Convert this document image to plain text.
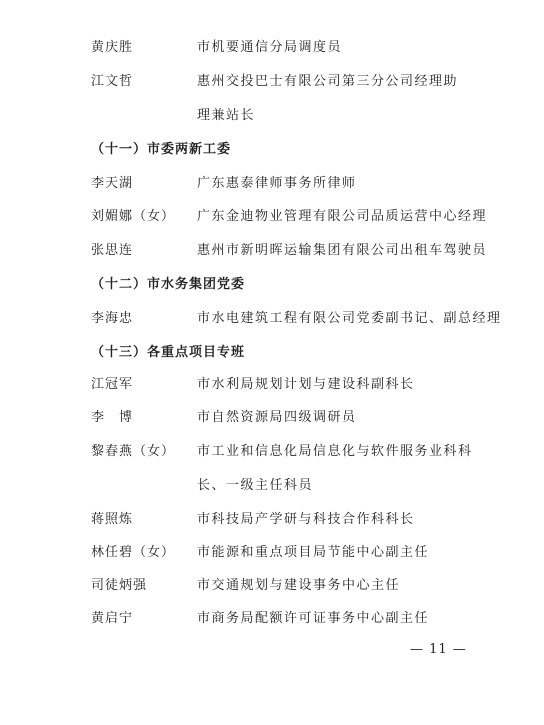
黄庆胜	市机要通信分局调度员
江文哲	惠州交投巴士有限公司第三分公司经理助
理兼站长
（十一）市委两新工委
李天湖	广东惠泰律师事务所律师
刘媚娜（女） 广东金迪物业管理有限公司品质运营中心经理
张思连	惠州市新明晖运输集团有限公司出租车驾驶员
（十二）市水务集团党委
李海忠	市水电建筑工程有限公司党委副书记、副总经理
（十三）各重点项目专班
江冠军	市水利局规划计划与建设科副科长
李　博	市自然资源局四级调研员
黎春燕（女） 市工业和信息化局信息化与软件服务业科科
长、一级主任科员
蒋照炼	市科技局产学研与科技合作科科长
林任碧（女） 市能源和重点项目局节能中心副主任
司徒炳强	市交通规划与建设事务中心主任
黄启宁	市商务局配额许可证事务中心副主任
— 11 —
